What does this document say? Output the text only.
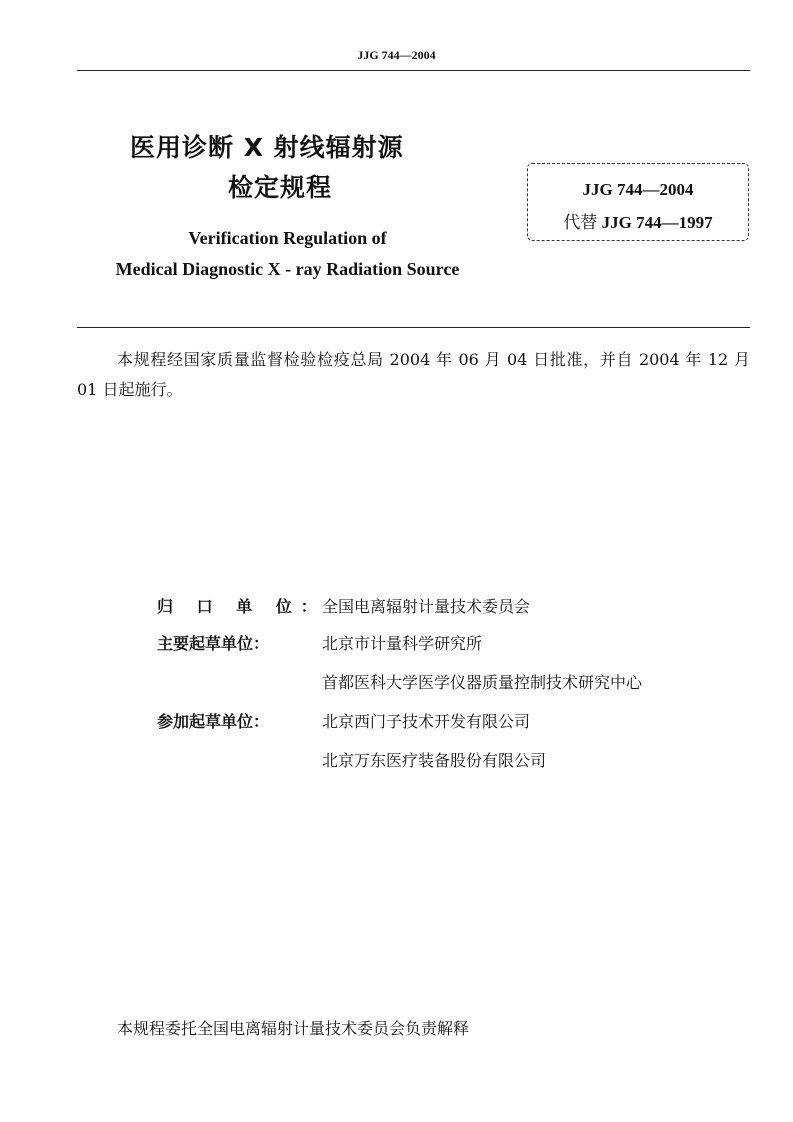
JJG 744—2004
医用诊断 X 射线辐射源
检定规程
Verification Regulation of
Medical Diagnostic X - ray Radiation Source
JJG 744—2004
代替 JJG 744—1997
本规程经国家质量监督检验检疫总局 2004 年 06 月 04 日批准，并自 2004 年 12 月 01 日起施行。
归 口 单 位：
全国电离辐射计量技术委员会
主要起草单位：	北京市计量科学研究所
首都医科大学医学仪器质量控制技术研究中心
参加起草单位：	北京西门子技术开发有限公司
北京万东医疗装备股份有限公司
本规程委托全国电离辐射计量技术委员会负责解释
